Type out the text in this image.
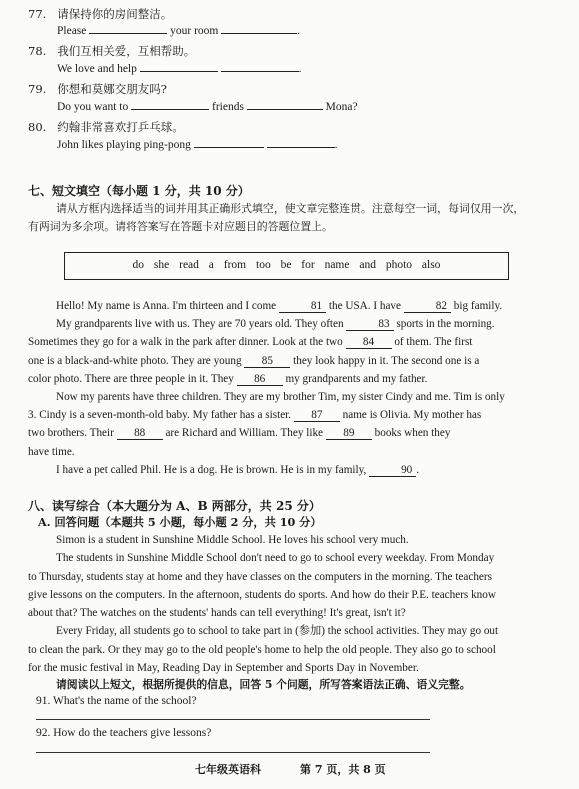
77. 请保持你的房间整洁。
Please	your room	.
78. 我们互相关爱，互相帮助。
We love and help	.
79. 你想和莫娜交朋友吗?
Do you want to	friends	Mona?
80. 约翰非常喜欢打乒乓球。
John likes playing ping-pong	.
七、短文填空（每小题 1 分，共 10 分）
请从方框内选择适当的词并用其正确形式填空，使文章完整连贯。注意每空一词，每词仅用一次，
有两词为多余项。请将答案写在答题卡对应题目的答题位置上。
do she read a from too be for name and photo also

Hello! My name is Anna. I'm thirteen and I come	81 the USA. I have	82 big family.

My grandparents live with us. They are 70 years old. They often	83 sports in the morning.

Sometimes they go for a walk in the park after dinner. Look at the two 84 of them. The first

one is a black-and-white photo. They are young 85 they look happy in it. The second one is a

color photo. There are three people in it. They 86 my grandparents and my father.

Now my parents have three children. They are my brother Tim, my sister Cindy and me. Tim is only

3. Cindy is a seven-month-old baby. My father has a sister. 87 name is Olivia. My mother has

two brothers. Their 88 are Richard and William. They like 89 books when they

have time.

I have a pet called Phil. He is a dog. He is brown. He is in my family,	90 .

八、读写综合（本大题分为 A、B 两部分，共 25 分）
A. 回答问题（本题共 5 小题，每小题 2 分，共 10 分）

Simon is a student in Sunshine Middle School. He loves his school very much.

The students in Sunshine Middle School don't need to go to school every weekday. From Monday

to Thursday, students stay at home and they have classes on the computers in the morning. The teachers

give lessons on the computers. In the afternoon, students do sports. And how do their P.E. teachers know

about that? The watches on the students' hands can tell everything! It's great, isn't it?

Every Friday, all students go to school to take part in (参加) the school activities. They may go out

to clean the park. Or they may go to the old people's home to help the old people. They also go to school

for the music festival in May, Reading Day in September and Sports Day in November.

请阅读以上短文，根据所提供的信息，回答 5 个问题，所写答案语法正确、语义完整。
91. What's the name of the school?
92. How do the teachers give lessons?
七年级英语科	第 7 页，共 8 页
